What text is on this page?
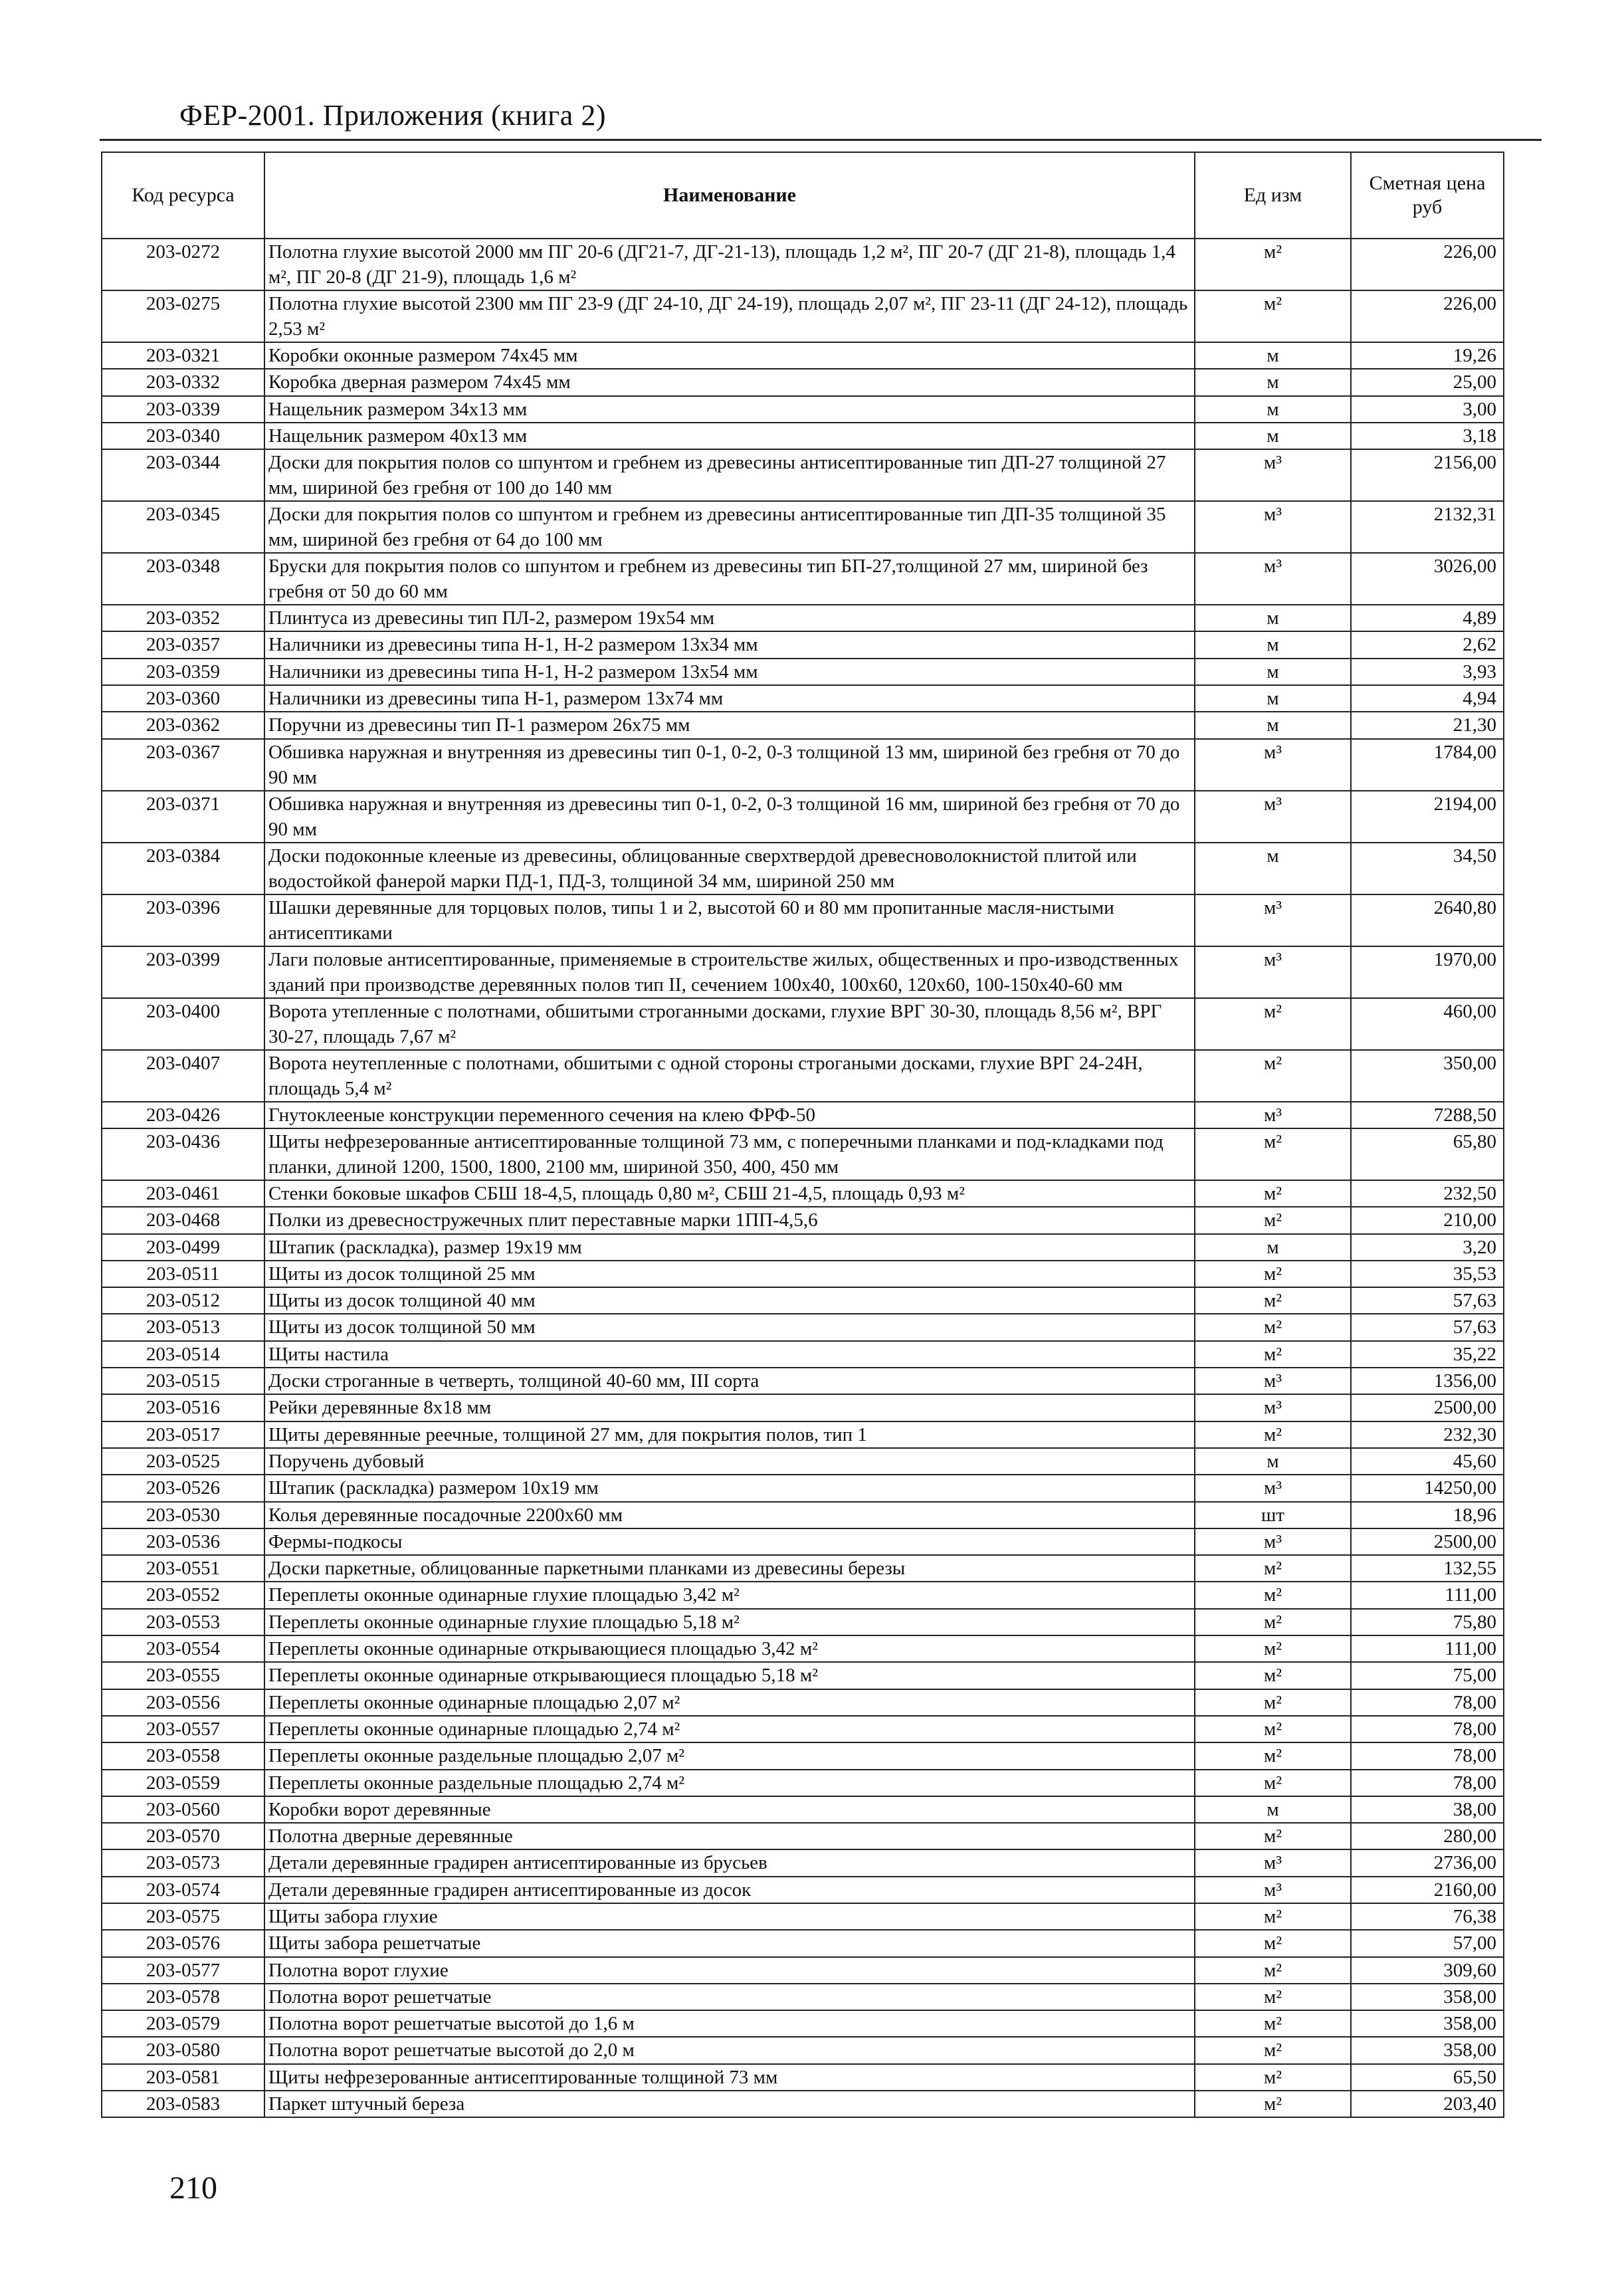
ФЕР-2001. Приложения (книга 2)
Код ресурса	Наименование	Ед изм	Сметная цена руб
203-0272	Полотна глухие высотой 2000 мм ПГ 20-6 (ДГ21-7, ДГ-21-13), площадь 1,2 м², ПГ 20-7 (ДГ 21-8), площадь 1,4 м², ПГ 20-8 (ДГ 21-9), площадь 1,6 м²	м²	226,00
203-0275	Полотна глухие высотой 2300 мм ПГ 23-9 (ДГ 24-10, ДГ 24-19), площадь 2,07 м², ПГ 23-11 (ДГ 24-12), площадь 2,53 м²	м²	226,00
203-0321	Коробки оконные размером 74х45 мм	м	19,26
203-0332	Коробка дверная размером 74х45 мм	м	25,00
203-0339	Нащельник размером 34х13 мм	м	3,00
203-0340	Нащельник размером 40х13 мм	м	3,18
203-0344	Доски для покрытия полов со шпунтом и гребнем из древесины антисептированные тип ДП-27 толщиной 27 мм, шириной без гребня от 100 до 140 мм	м³	2156,00
203-0345	Доски для покрытия полов со шпунтом и гребнем из древесины антисептированные тип ДП-35 толщиной 35 мм, шириной без гребня от 64 до 100 мм	м³	2132,31
203-0348	Бруски для покрытия полов со шпунтом и гребнем из древесины тип БП-27,толщиной 27 мм, шириной без гребня от 50 до 60 мм	м³	3026,00
203-0352	Плинтуса из древесины тип ПЛ-2, размером 19х54 мм	м	4,89
203-0357	Наличники из древесины типа Н-1, Н-2 размером 13х34 мм	м	2,62
203-0359	Наличники из древесины типа Н-1, Н-2 размером 13х54 мм	м	3,93
203-0360	Наличники из древесины типа Н-1, размером 13х74 мм	м	4,94
203-0362	Поручни из древесины тип П-1 размером 26х75 мм	м	21,30
203-0367	Обшивка наружная и внутренняя из древесины тип 0-1, 0-2, 0-3 толщиной 13 мм, шириной без гребня от 70 до 90 мм	м³	1784,00
203-0371	Обшивка наружная и внутренняя из древесины тип 0-1, 0-2, 0-3 толщиной 16 мм, шириной без гребня от 70 до 90 мм	м³	2194,00
203-0384	Доски подоконные клееные из древесины, облицованные сверхтвердой древесноволокнистой плитой или водостойкой фанерой марки ПД-1, ПД-3, толщиной 34 мм, шириной 250 мм	м	34,50
203-0396	Шашки деревянные для торцовых полов, типы 1 и 2, высотой 60 и 80 мм пропитанные масля-нистыми антисептиками	м³	2640,80
203-0399	Лаги половые антисептированные, применяемые в строительстве жилых, общественных и про-изводственных зданий при производстве деревянных полов тип II, сечением 100х40, 100х60, 120х60, 100-150х40-60 мм	м³	1970,00
203-0400	Ворота утепленные с полотнами, обшитыми строганными досками, глухие ВРГ 30-30, площадь 8,56 м², ВРГ 30-27, площадь 7,67 м²	м²	460,00
203-0407	Ворота неутепленные с полотнами, обшитыми с одной стороны строгаными досками, глухие ВРГ 24-24Н, площадь 5,4 м²	м²	350,00
203-0426	Гнутоклееные конструкции переменного сечения на клею ФРФ-50	м³	7288,50
203-0436	Щиты нефрезерованные антисептированные толщиной 73 мм, с поперечными планками и под-кладками под планки, длиной 1200, 1500, 1800, 2100 мм, шириной 350, 400, 450 мм	м²	65,80
203-0461	Стенки боковые шкафов СБШ 18-4,5, площадь 0,80 м², СБШ 21-4,5, площадь 0,93 м²	м²	232,50
203-0468	Полки из древесностружечных плит переставные марки 1ПП-4,5,6	м²	210,00
203-0499	Штапик (раскладка), размер 19х19 мм	м	3,20
203-0511	Щиты из досок толщиной 25 мм	м²	35,53
203-0512	Щиты из досок толщиной 40 мм	м²	57,63
203-0513	Щиты из досок толщиной 50 мм	м²	57,63
203-0514	Щиты настила	м²	35,22
203-0515	Доски строганные в четверть, толщиной 40-60 мм, III сорта	м³	1356,00
203-0516	Рейки деревянные 8х18 мм	м³	2500,00
203-0517	Щиты деревянные реечные, толщиной 27 мм, для покрытия полов, тип 1	м²	232,30
203-0525	Поручень дубовый	м	45,60
203-0526	Штапик (раскладка) размером 10х19 мм	м³	14250,00
203-0530	Колья деревянные посадочные 2200х60 мм	шт	18,96
203-0536	Фермы-подкосы	м³	2500,00
203-0551	Доски паркетные, облицованные паркетными планками из древесины березы	м²	132,55
203-0552	Переплеты оконные одинарные глухие площадью 3,42 м²	м²	111,00
203-0553	Переплеты оконные одинарные глухие площадью 5,18 м²	м²	75,80
203-0554	Переплеты оконные одинарные открывающиеся площадью 3,42 м²	м²	111,00
203-0555	Переплеты оконные одинарные открывающиеся площадью 5,18 м²	м²	75,00
203-0556	Переплеты оконные одинарные площадью 2,07 м²	м²	78,00
203-0557	Переплеты оконные одинарные площадью 2,74 м²	м²	78,00
203-0558	Переплеты оконные раздельные площадью 2,07 м²	м²	78,00
203-0559	Переплеты оконные раздельные площадью 2,74 м²	м²	78,00
203-0560	Коробки ворот деревянные	м	38,00
203-0570	Полотна дверные деревянные	м²	280,00
203-0573	Детали деревянные градирен антисептированные из брусьев	м³	2736,00
203-0574	Детали деревянные градирен антисептированные из досок	м³	2160,00
203-0575	Щиты забора глухие	м²	76,38
203-0576	Щиты забора решетчатые	м²	57,00
203-0577	Полотна ворот глухие	м²	309,60
203-0578	Полотна ворот решетчатые	м²	358,00
203-0579	Полотна ворот решетчатые высотой до 1,6 м	м²	358,00
203-0580	Полотна ворот решетчатые высотой до 2,0 м	м²	358,00
203-0581	Щиты нефрезерованные антисептированные толщиной 73 мм	м²	65,50
203-0583	Паркет штучный береза	м²	203,40
210
